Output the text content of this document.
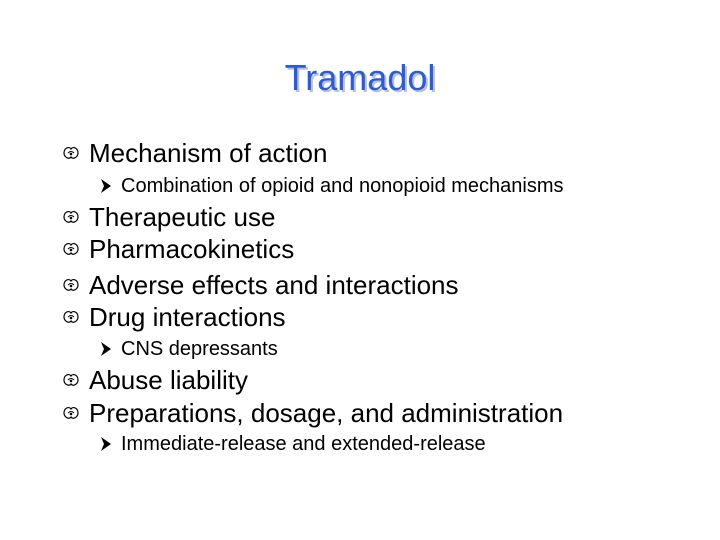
Tramadol
Mechanism of action
Combination of opioid and nonopioid mechanisms
Therapeutic use
Pharmacokinetics
Adverse effects and interactions
Drug interactions
CNS depressants
Abuse liability
Preparations, dosage, and administration
Immediate-release and extended-release
